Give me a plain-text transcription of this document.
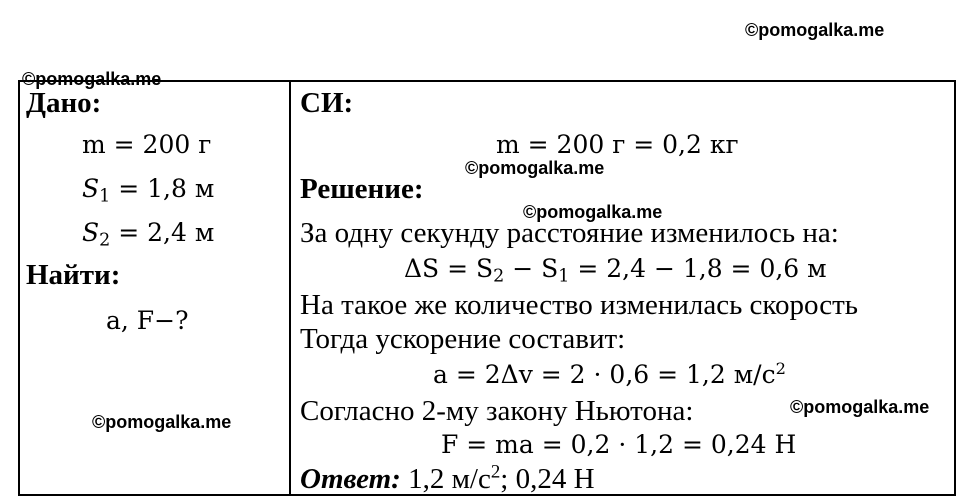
©pomogalka.me
©pomogalka.me
©pomogalka.me
©pomogalka.me
©pomogalka.me
©pomogalka.me
Дано:
m = 200 г
$S_1 = 1,8$ м
$S_2 = 2,4$ м
Найти:
a, F−?
СИ:
m = 200 г = 0,2 кг
Решение:
За одну секунду расстояние изменилось на:
$\Delta S = S_2 - S_1 = 2,4 - 1,8 = 0,6$ м
На такое же количество изменилась скорость
Тогда ускорение составит:
a = 2Δv = 2 · 0,6 = 1,2 $м/с^2$
Согласно 2-му закону Ньютона:
F = ma = 0,2 · 1,2 = 0,24 Н
Ответ: 1,2 $м/с^2$; 0,24 Н
